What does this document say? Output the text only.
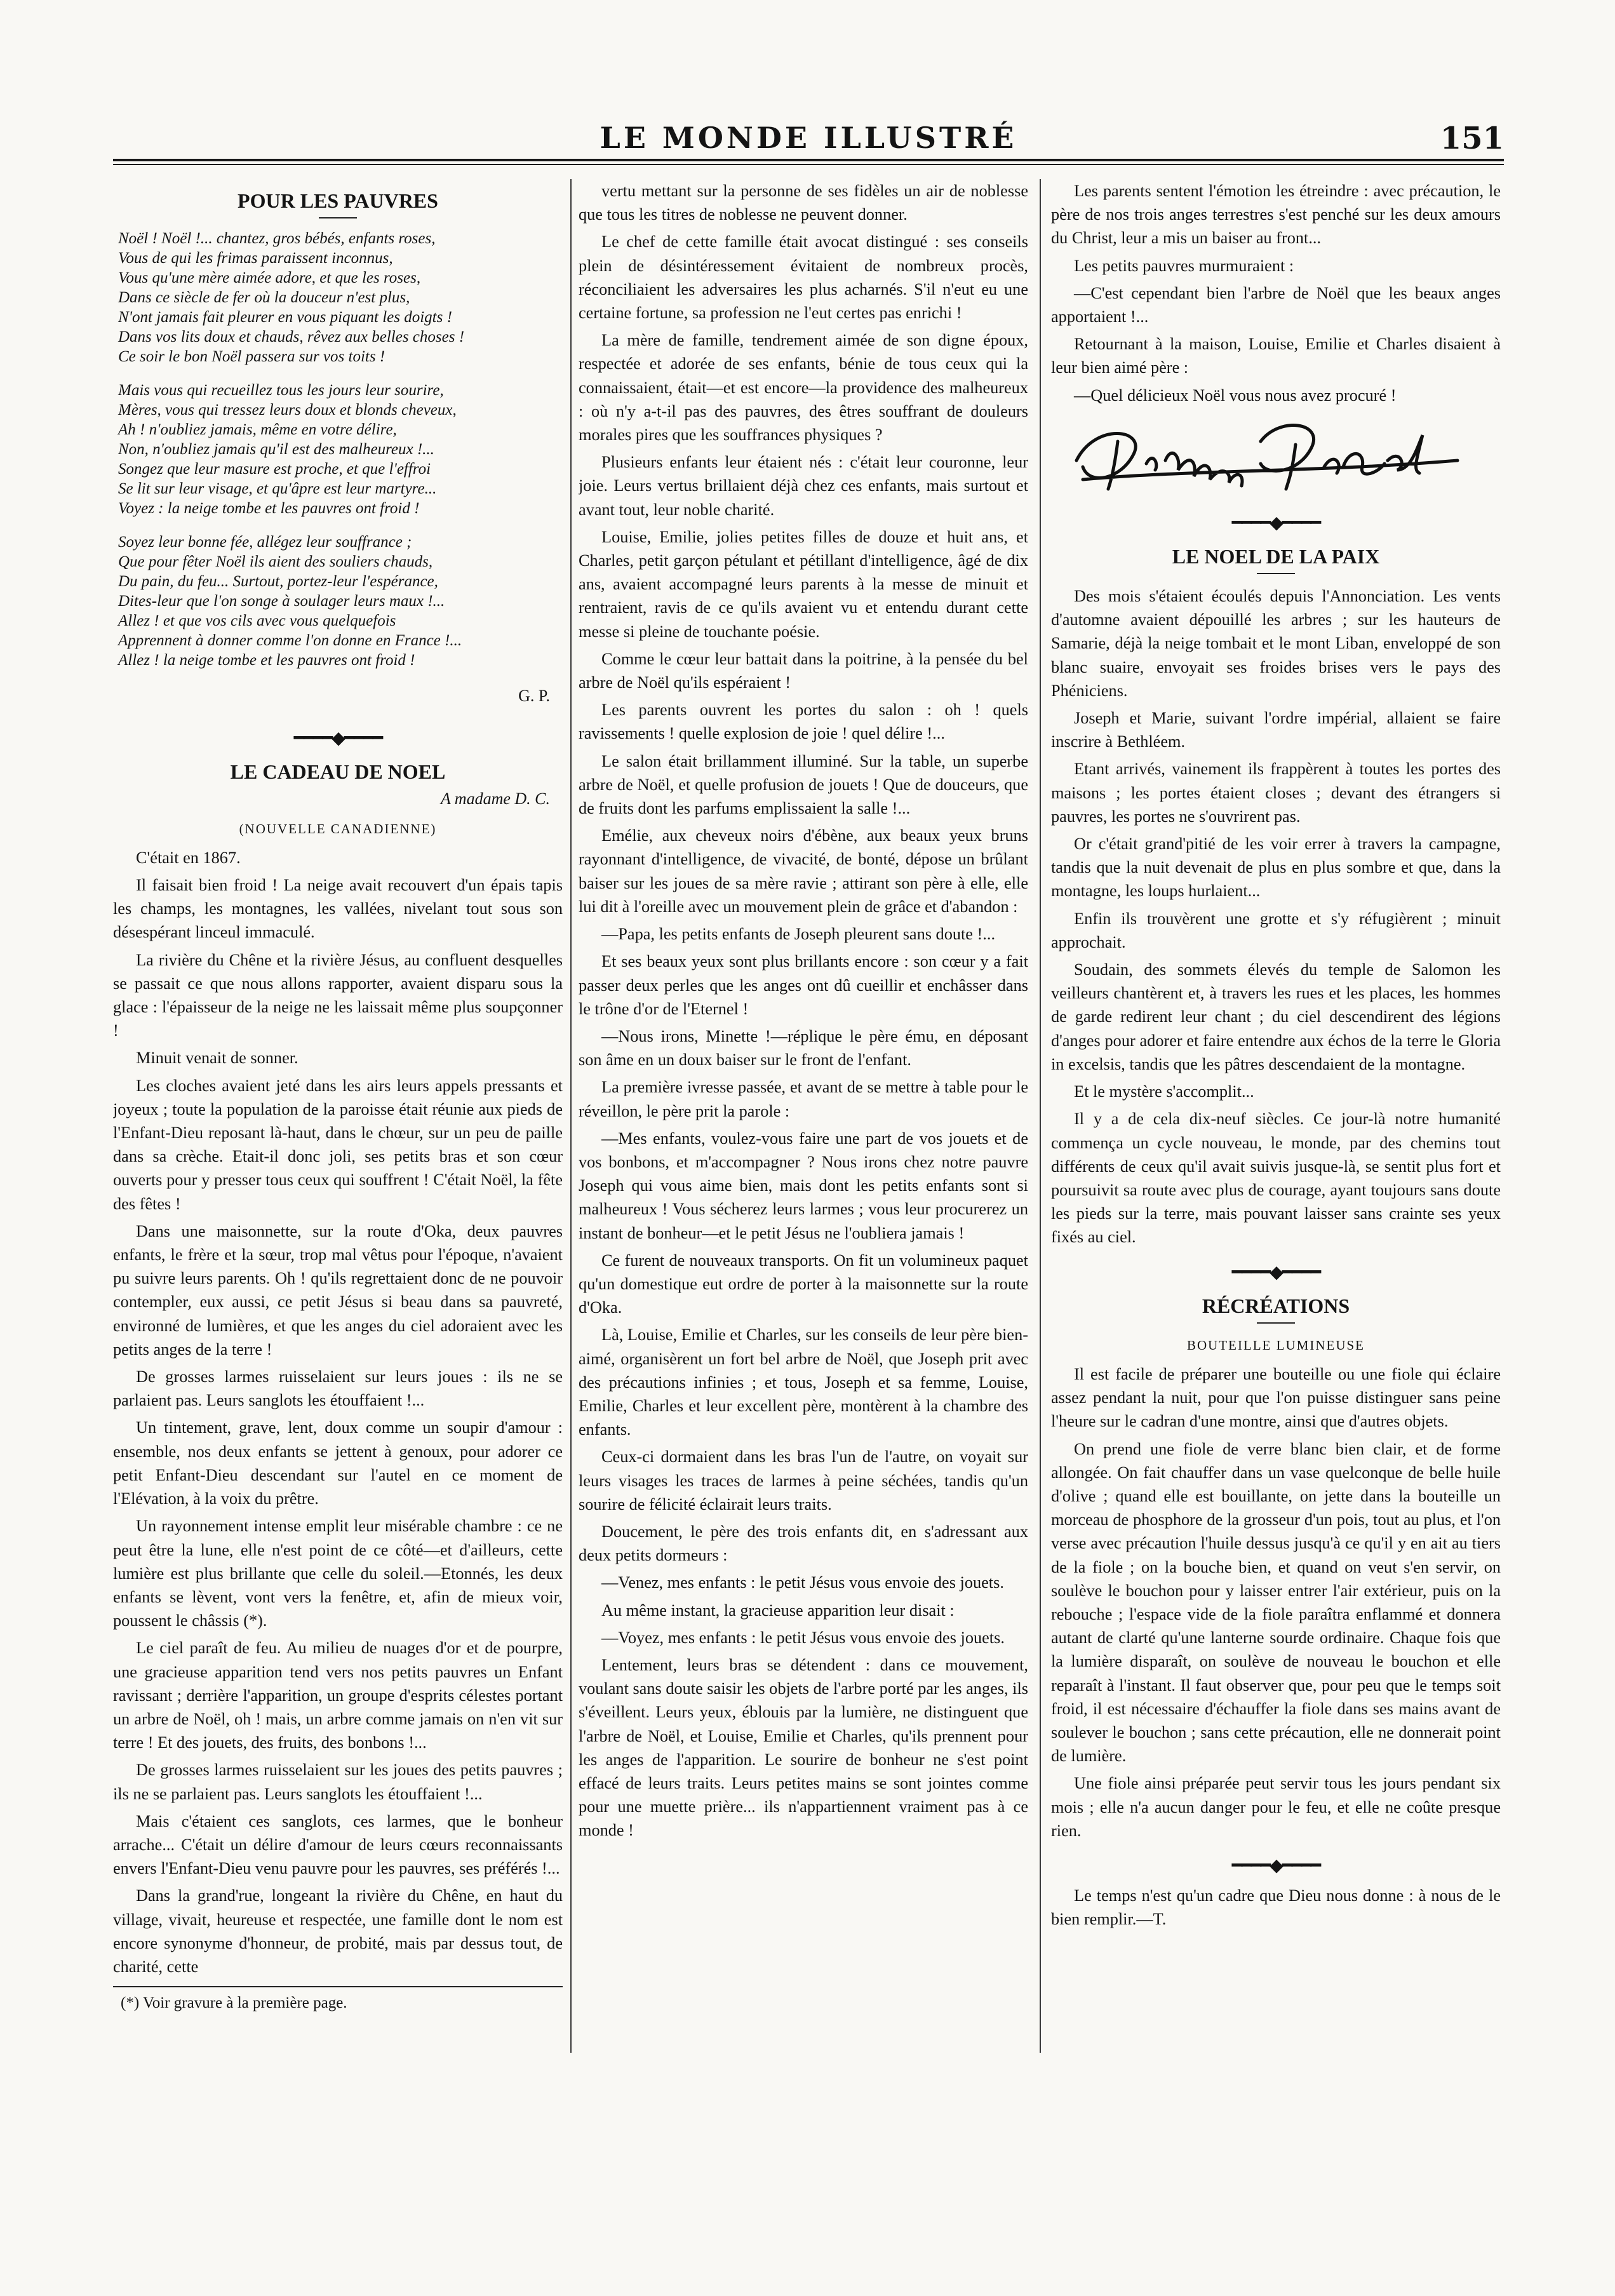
LE MONDE ILLUSTRÉ	151
POUR LES PAUVRES
Noël ! Noël !... chantez, gros bébés, enfants roses,
Vous de qui les frimas paraissent inconnus,
Vous qu'une mère aimée adore, et que les roses,
Dans ce siècle de fer où la douceur n'est plus,
N'ont jamais fait pleurer en vous piquant les doigts !
Dans vos lits doux et chauds, rêvez aux belles choses !
Ce soir le bon Noël passera sur vos toits !
Mais vous qui recueillez tous les jours leur sourire,
Mères, vous qui tressez leurs doux et blonds cheveux,
Ah ! n'oubliez jamais, même en votre délire,
Non, n'oubliez jamais qu'il est des malheureux !...
Songez que leur masure est proche, et que l'effroi
Se lit sur leur visage, et qu'âpre est leur martyre...
Voyez : la neige tombe et les pauvres ont froid !
Soyez leur bonne fée, allégez leur souffrance ;
Que pour fêter Noël ils aient des souliers chauds,
Du pain, du feu... Surtout, portez-leur l'espérance,
Dites-leur que l'on songe à soulager leurs maux !...
Allez ! et que vos cils avec vous quelquefois
Apprennent à donner comme l'on donne en France !...
Allez ! la neige tombe et les pauvres ont froid !
G. P.
━━━━◆━━━━
LE CADEAU DE NOEL
A madame D. C.
(NOUVELLE CANADIENNE)

C'était en 1867.

Il faisait bien froid ! La neige avait recouvert d'un épais tapis les champs, les montagnes, les vallées, nivelant tout sous son désespérant linceul immaculé.

La rivière du Chêne et la rivière Jésus, au confluent desquelles se passait ce que nous allons rapporter, avaient disparu sous la glace : l'épaisseur de la neige ne les laissait même plus soupçonner !

Minuit venait de sonner.

Les cloches avaient jeté dans les airs leurs appels pressants et joyeux ; toute la population de la paroisse était réunie aux pieds de l'Enfant-Dieu reposant là-haut, dans le chœur, sur un peu de paille dans sa crèche. Etait-il donc joli, ses petits bras et son cœur ouverts pour y presser tous ceux qui souffrent ! C'était Noël, la fête des fêtes !

Dans une maisonnette, sur la route d'Oka, deux pauvres enfants, le frère et la sœur, trop mal vêtus pour l'époque, n'avaient pu suivre leurs parents. Oh ! qu'ils regrettaient donc de ne pouvoir contempler, eux aussi, ce petit Jésus si beau dans sa pauvreté, environné de lumières, et que les anges du ciel adoraient avec les petits anges de la terre !

De grosses larmes ruisselaient sur leurs joues : ils ne se parlaient pas. Leurs sanglots les étouffaient !...

Un tintement, grave, lent, doux comme un soupir d'amour : ensemble, nos deux enfants se jettent à genoux, pour adorer ce petit Enfant-Dieu descendant sur l'autel en ce moment de l'Elévation, à la voix du prêtre.

Un rayonnement intense emplit leur misérable chambre : ce ne peut être la lune, elle n'est point de ce côté—et d'ailleurs, cette lumière est plus brillante que celle du soleil.—Etonnés, les deux enfants se lèvent, vont vers la fenêtre, et, afin de mieux voir, poussent le châssis (*).

Le ciel paraît de feu. Au milieu de nuages d'or et de pourpre, une gracieuse apparition tend vers nos petits pauvres un Enfant ravissant ; derrière l'apparition, un groupe d'esprits célestes portant un arbre de Noël, oh ! mais, un arbre comme jamais on n'en vit sur terre ! Et des jouets, des fruits, des bonbons !...

De grosses larmes ruisselaient sur les joues des petits pauvres ; ils ne se parlaient pas. Leurs sanglots les étouffaient !...

Mais c'étaient ces sanglots, ces larmes, que le bonheur arrache... C'était un délire d'amour de leurs cœurs reconnaissants envers l'Enfant-Dieu venu pauvre pour les pauvres, ses préférés !...

Dans la grand'rue, longeant la rivière du Chêne, en haut du village, vivait, heureuse et respectée, une famille dont le nom est encore synonyme d'honneur, de probité, mais par dessus tout, de charité, cette

(*) Voir gravure à la première page.

vertu mettant sur la personne de ses fidèles un air de noblesse que tous les titres de noblesse ne peuvent donner.

Le chef de cette famille était avocat distingué : ses conseils plein de désintéressement évitaient de nombreux procès, réconciliaient les adversaires les plus acharnés. S'il n'eut eu une certaine fortune, sa profession ne l'eut certes pas enrichi !

La mère de famille, tendrement aimée de son digne époux, respectée et adorée de ses enfants, bénie de tous ceux qui la connaissaient, était—et est encore—la providence des malheureux : où n'y a-t-il pas des pauvres, des êtres souffrant de douleurs morales pires que les souffrances physiques ?

Plusieurs enfants leur étaient nés : c'était leur couronne, leur joie. Leurs vertus brillaient déjà chez ces enfants, mais surtout et avant tout, leur noble charité.

Louise, Emilie, jolies petites filles de douze et huit ans, et Charles, petit garçon pétulant et pétillant d'intelligence, âgé de dix ans, avaient accompagné leurs parents à la messe de minuit et rentraient, ravis de ce qu'ils avaient vu et entendu durant cette messe si pleine de touchante poésie.

Comme le cœur leur battait dans la poitrine, à la pensée du bel arbre de Noël qu'ils espéraient !

Les parents ouvrent les portes du salon : oh ! quels ravissements ! quelle explosion de joie ! quel délire !...

Le salon était brillamment illuminé. Sur la table, un superbe arbre de Noël, et quelle profusion de jouets ! Que de douceurs, que de fruits dont les parfums emplissaient la salle !...

Emélie, aux cheveux noirs d'ébène, aux beaux yeux bruns rayonnant d'intelligence, de vivacité, de bonté, dépose un brûlant baiser sur les joues de sa mère ravie ; attirant son père à elle, elle lui dit à l'oreille avec un mouvement plein de grâce et d'abandon :

—Papa, les petits enfants de Joseph pleurent sans doute !...

Et ses beaux yeux sont plus brillants encore : son cœur y a fait passer deux perles que les anges ont dû cueillir et enchâsser dans le trône d'or de l'Eternel !

—Nous irons, Minette !—réplique le père ému, en déposant son âme en un doux baiser sur le front de l'enfant.

La première ivresse passée, et avant de se mettre à table pour le réveillon, le père prit la parole :

—Mes enfants, voulez-vous faire une part de vos jouets et de vos bonbons, et m'accompagner ? Nous irons chez notre pauvre Joseph qui vous aime bien, mais dont les petits enfants sont si malheureux ! Vous sécherez leurs larmes ; vous leur procurerez un instant de bonheur—et le petit Jésus ne l'oubliera jamais !

Ce furent de nouveaux transports. On fit un volumineux paquet qu'un domestique eut ordre de porter à la maisonnette sur la route d'Oka.

Là, Louise, Emilie et Charles, sur les conseils de leur père bien-aimé, organisèrent un fort bel arbre de Noël, que Joseph prit avec des précautions infinies ; et tous, Joseph et sa femme, Louise, Emilie, Charles et leur excellent père, montèrent à la chambre des enfants.

Ceux-ci dormaient dans les bras l'un de l'autre, on voyait sur leurs visages les traces de larmes à peine séchées, tandis qu'un sourire de félicité éclairait leurs traits.

Doucement, le père des trois enfants dit, en s'adressant aux deux petits dormeurs :

—Venez, mes enfants : le petit Jésus vous envoie des jouets.

Au même instant, la gracieuse apparition leur disait :

—Voyez, mes enfants : le petit Jésus vous envoie des jouets.

Lentement, leurs bras se détendent : dans ce mouvement, voulant sans doute saisir les objets de l'arbre porté par les anges, ils s'éveillent. Leurs yeux, éblouis par la lumière, ne distinguent que l'arbre de Noël, et Louise, Emilie et Charles, qu'ils prennent pour les anges de l'apparition. Le sourire de bonheur ne s'est point effacé de leurs traits. Leurs petites mains se sont jointes comme pour une muette prière... ils n'appartiennent vraiment pas à ce monde !

Les parents sentent l'émotion les étreindre : avec précaution, le père de nos trois anges terrestres s'est penché sur les deux amours du Christ, leur a mis un baiser au front...

Les petits pauvres murmuraient :

—C'est cependant bien l'arbre de Noël que les beaux anges apportaient !...

Retournant à la maison, Louise, Emilie et Charles disaient à leur bien aimé père :

—Quel délicieux Noël vous nous avez procuré !

━━━━◆━━━━
LE NOEL DE LA PAIX

Des mois s'étaient écoulés depuis l'Annonciation. Les vents d'automne avaient dépouillé les arbres ; sur les hauteurs de Samarie, déjà la neige tombait et le mont Liban, enveloppé de son blanc suaire, envoyait ses froides brises vers le pays des Phéniciens.

Joseph et Marie, suivant l'ordre impérial, allaient se faire inscrire à Bethléem.

Etant arrivés, vainement ils frappèrent à toutes les portes des maisons ; les portes étaient closes ; devant des étrangers si pauvres, les portes ne s'ouvrirent pas.

Or c'était grand'pitié de les voir errer à travers la campagne, tandis que la nuit devenait de plus en plus sombre et que, dans la montagne, les loups hurlaient...

Enfin ils trouvèrent une grotte et s'y réfugièrent ; minuit approchait.

Soudain, des sommets élevés du temple de Salomon les veilleurs chantèrent et, à travers les rues et les places, les hommes de garde redirent leur chant ; du ciel descendirent des légions d'anges pour adorer et faire entendre aux échos de la terre le Gloria in excelsis, tandis que les pâtres descendaient de la montagne.

Et le mystère s'accomplit...

Il y a de cela dix-neuf siècles. Ce jour-là notre humanité commença un cycle nouveau, le monde, par des chemins tout différents de ceux qu'il avait suivis jusque-là, se sentit plus fort et poursuivit sa route avec plus de courage, ayant toujours sans doute les pieds sur la terre, mais pouvant laisser sans crainte ses yeux fixés au ciel.

━━━━◆━━━━
RÉCRÉATIONS
BOUTEILLE LUMINEUSE

Il est facile de préparer une bouteille ou une fiole qui éclaire assez pendant la nuit, pour que l'on puisse distinguer sans peine l'heure sur le cadran d'une montre, ainsi que d'autres objets.

On prend une fiole de verre blanc bien clair, et de forme allongée. On fait chauffer dans un vase quelconque de belle huile d'olive ; quand elle est bouillante, on jette dans la bouteille un morceau de phosphore de la grosseur d'un pois, tout au plus, et l'on verse avec précaution l'huile dessus jusqu'à ce qu'il y en ait au tiers de la fiole ; on la bouche bien, et quand on veut s'en servir, on soulève le bouchon pour y laisser entrer l'air extérieur, puis on la rebouche ; l'espace vide de la fiole paraîtra enflammé et donnera autant de clarté qu'une lanterne sourde ordinaire. Chaque fois que la lumière disparaît, on soulève de nouveau le bouchon et elle reparaît à l'instant. Il faut observer que, pour peu que le temps soit froid, il est nécessaire d'échauffer la fiole dans ses mains avant de soulever le bouchon ; sans cette précaution, elle ne donnerait point de lumière.

Une fiole ainsi préparée peut servir tous les jours pendant six mois ; elle n'a aucun danger pour le feu, et elle ne coûte presque rien.

━━━━◆━━━━

Le temps n'est qu'un cadre que Dieu nous donne : à nous de le bien remplir.—T.
